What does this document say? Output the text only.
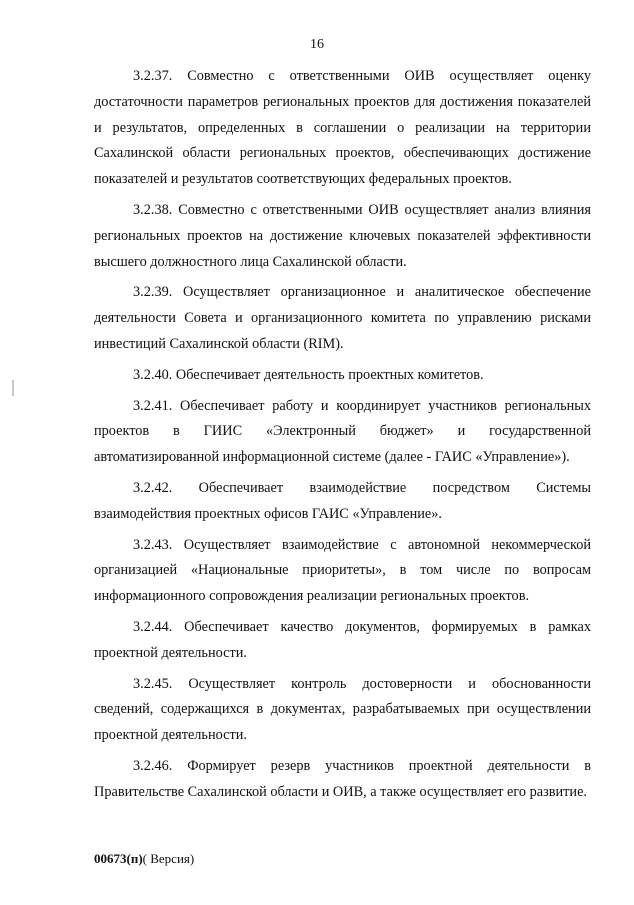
16

3.2.37. Совместно с ответственными ОИВ осуществляет оценку достаточности параметров региональных проектов для достижения показателей и результатов, определенных в соглашении о реализации на территории Сахалинской области региональных проектов, обеспечивающих достижение показателей и результатов соответствующих федеральных проектов.

3.2.38. Совместно с ответственными ОИВ осуществляет анализ влияния региональных проектов на достижение ключевых показателей эффективности высшего должностного лица Сахалинской области.

3.2.39. Осуществляет организационное и аналитическое обеспечение деятельности Совета и организационного комитета по управлению рисками инвестиций Сахалинской области (RIM).

3.2.40. Обеспечивает деятельность проектных комитетов.

3.2.41. Обеспечивает работу и координирует участников региональных проектов в ГИИС «Электронный бюджет» и государственной автоматизированной информационной системе (далее - ГАИС «Управление»).

3.2.42. Обеспечивает взаимодействие посредством Системы взаимодействия проектных офисов ГАИС «Управление».

3.2.43. Осуществляет взаимодействие с автономной некоммерческой организацией «Национальные приоритеты», в том числе по вопросам информационного сопровождения реализации региональных проектов.

3.2.44. Обеспечивает качество документов, формируемых в рамках проектной деятельности.

3.2.45. Осуществляет контроль достоверности и обоснованности сведений, содержащихся в документах, разрабатываемых при осуществлении проектной деятельности.

3.2.46. Формирует резерв участников проектной деятельности в Правительстве Сахалинской области и ОИВ, а также осуществляет его развитие.

00673(п)( Версия)
